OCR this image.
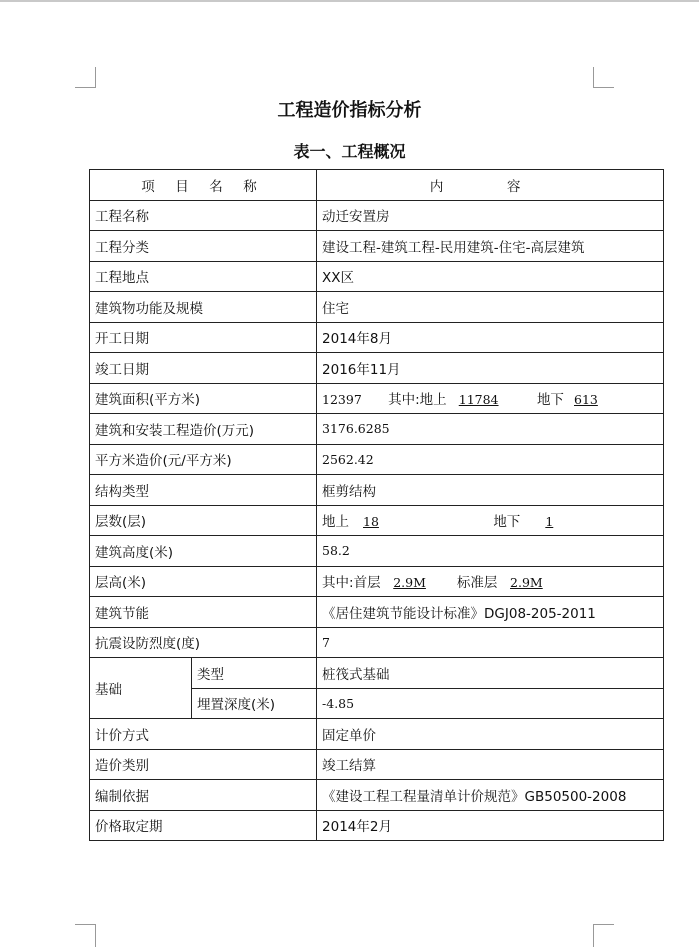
工程造价指标分析
表一、工程概况
项 目 名 称		内 容
工程名称		动迁安置房
工程分类		建设工程-建筑工程-民用建筑-住宅-高层建筑
工程地点		XX区
建筑物功能及规模		住宅
开工日期		2014年8月
竣工日期		2016年11月
建筑面积(平方米)		12397 其中:地上 11784 地下 613
建筑和安装工程造价(万元)		3176.6285
平方米造价(元/平方米)		2562.42
结构类型		框剪结构
层数(层)		地上 18 地下 1
建筑高度(米)		58.2
层高(米)		其中:首层 2.9M 标准层 2.9M
建筑节能		《居住建筑节能设计标准》DGJ08-205-2011
抗震设防烈度(度)		7
基础	类型	桩筏式基础
	埋置深度(米)	-4.85
计价方式		固定单价
造价类别		竣工结算
编制依据		《建设工程工程量清单计价规范》GB50500-2008
价格取定期		2014年2月
